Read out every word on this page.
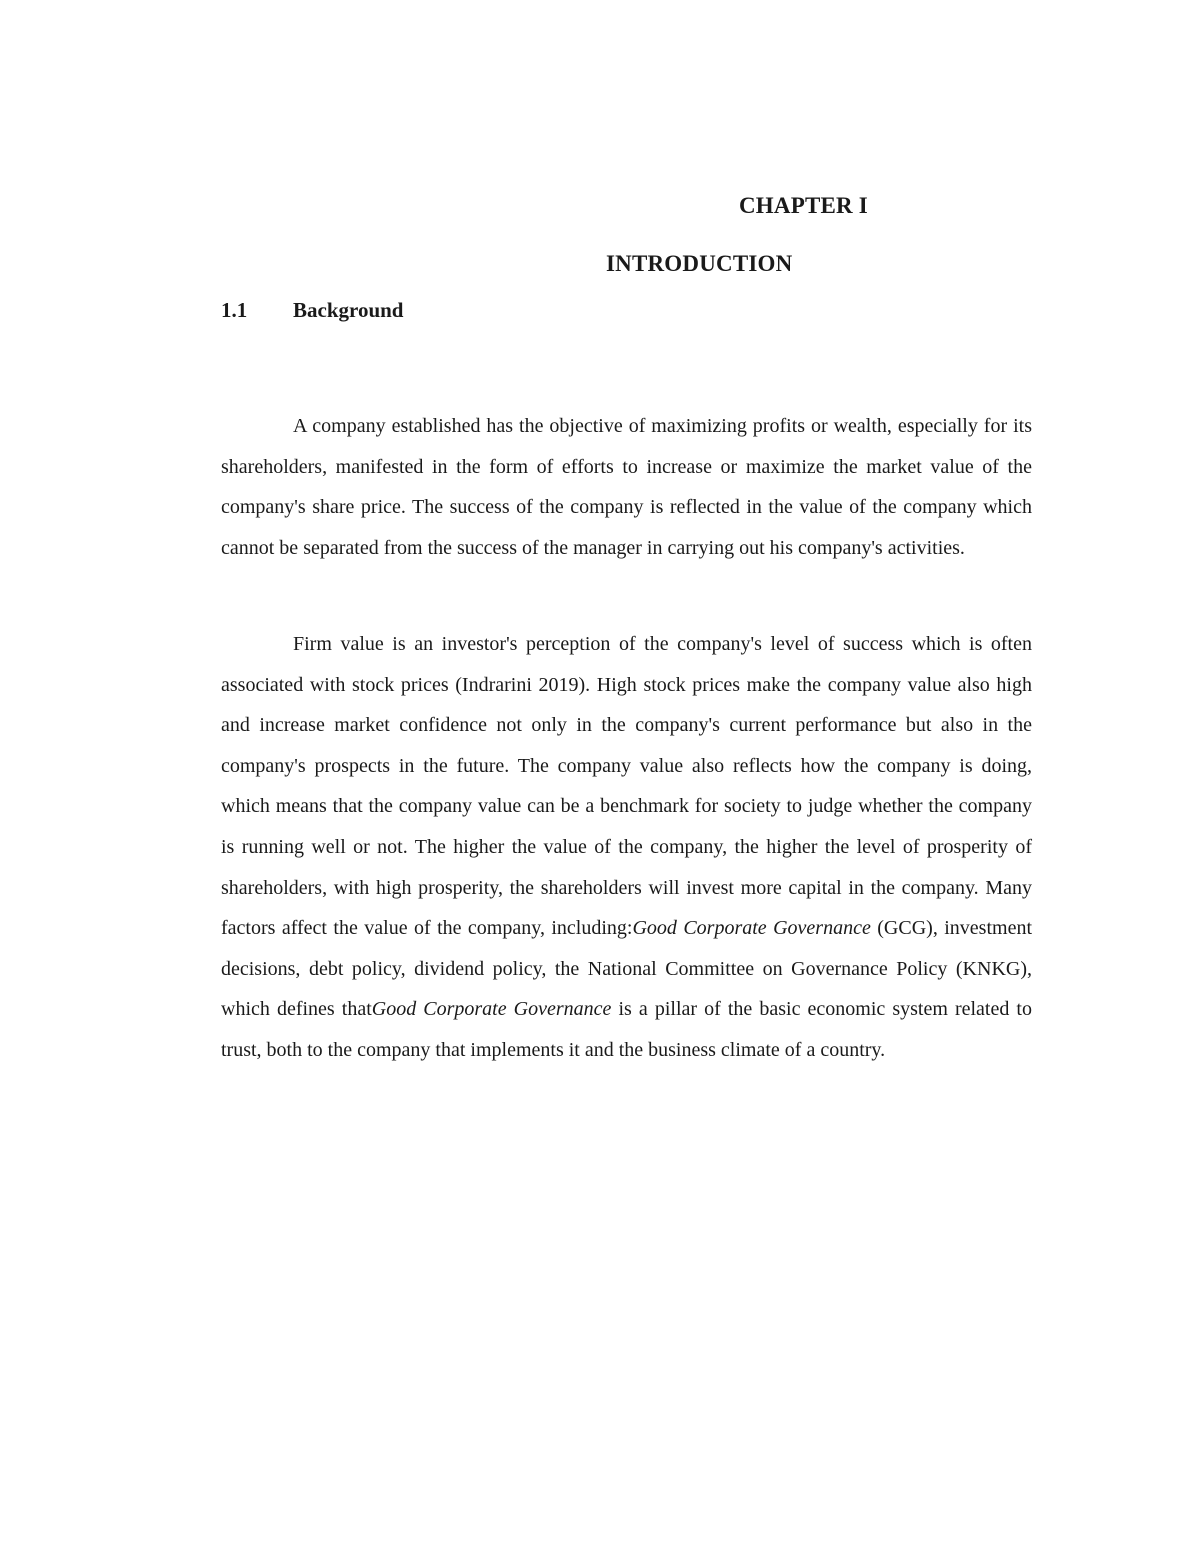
CHAPTER I
INTRODUCTION
1.1 Background

A company established has the objective of maximizing profits or wealth, especially for its shareholders, manifested in the form of efforts to increase or maximize the market value of the company's share price. The success of the company is reflected in the value of the company which cannot be separated from the success of the manager in carrying out his company's activities.

Firm value is an investor's perception of the company's level of success which is often associated with stock prices (Indrarini 2019). High stock prices make the company value also high and increase market confidence not only in the company's current performance but also in the company's prospects in the future. The company value also reflects how the company is doing, which means that the company value can be a benchmark for society to judge whether the company is running well or not. The higher the value of the company, the higher the level of prosperity of shareholders, with high prosperity, the shareholders will invest more capital in the company. Many factors affect the value of the company, including:Good Corporate Governance (GCG), investment decisions, debt policy, dividend policy, the National Committee on Governance Policy (KNKG), which defines thatGood Corporate Governance is a pillar of the basic economic system related to trust, both to the company that implements it and the business climate of a country.
